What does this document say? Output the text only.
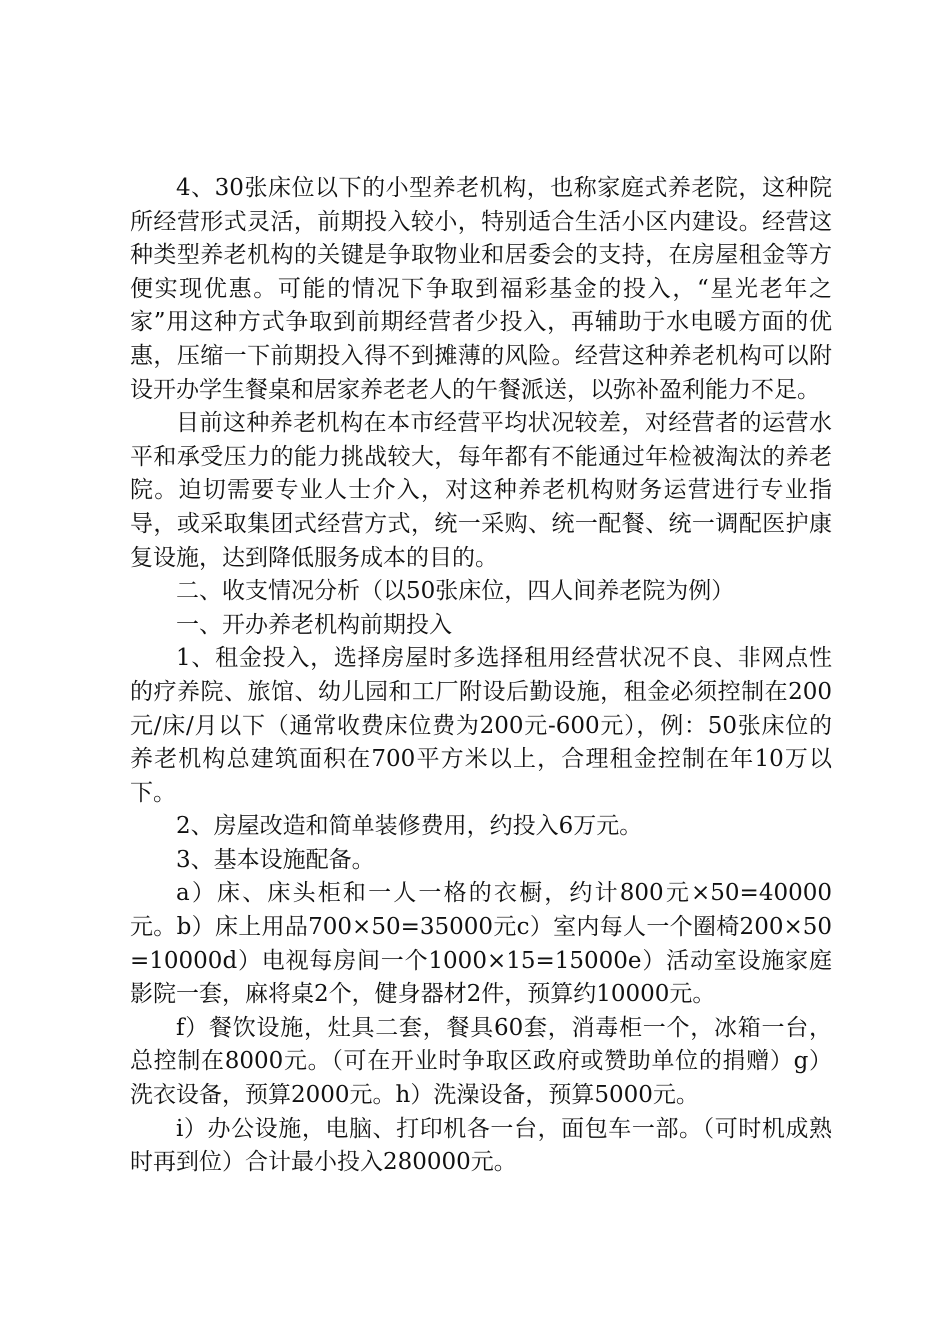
4、30张床位以下的小型养老机构，也称家庭式养老院，这种院所经营形式灵活，前期投入较小，特别适合生活小区内建设。经营这种类型养老机构的关键是争取物业和居委会的支持，在房屋租金等方便实现优惠。可能的情况下争取到福彩基金的投入，“星光老年之家”用这种方式争取到前期经营者少投入，再辅助于水电暖方面的优惠，压缩一下前期投入得不到摊薄的风险。经营这种养老机构可以附设开办学生餐桌和居家养老老人的午餐派送，以弥补盈利能力不足。

目前这种养老机构在本市经营平均状况较差，对经营者的运营水平和承受压力的能力挑战较大，每年都有不能通过年检被淘汰的养老院。迫切需要专业人士介入，对这种养老机构财务运营进行专业指导，或采取集团式经营方式，统一采购、统一配餐、统一调配医护康复设施，达到降低服务成本的目的。

二、收支情况分析（以50张床位，四人间养老院为例）

一、开办养老机构前期投入

1、租金投入，选择房屋时多选择租用经营状况不良、非网点性的疗养院、旅馆、幼儿园和工厂附设后勤设施，租金必须控制在200元/床/月以下（通常收费床位费为200元-600元），例：50张床位的养老机构总建筑面积在700平方米以上，合理租金控制在年10万以下。

2、房屋改造和简单装修费用，约投入6万元。

3、基本设施配备。

a）床、床头柜和一人一格的衣橱，约计800元×50=40000元。b）床上用品700×50=35000元c）室内每人一个圈椅200×50=10000d）电视每房间一个1000×15=15000e）活动室设施家庭影院一套，麻将桌2个，健身器材2件，预算约10000元。

f）餐饮设施，灶具二套，餐具60套，消毒柜一个，冰箱一台，总控制在8000元。（可在开业时争取区政府或赞助单位的捐赠）g）洗衣设备，预算2000元。h）洗澡设备，预算5000元。

i）办公设施，电脑、打印机各一台，面包车一部。（可时机成熟时再到位）合计最小投入280000元。
